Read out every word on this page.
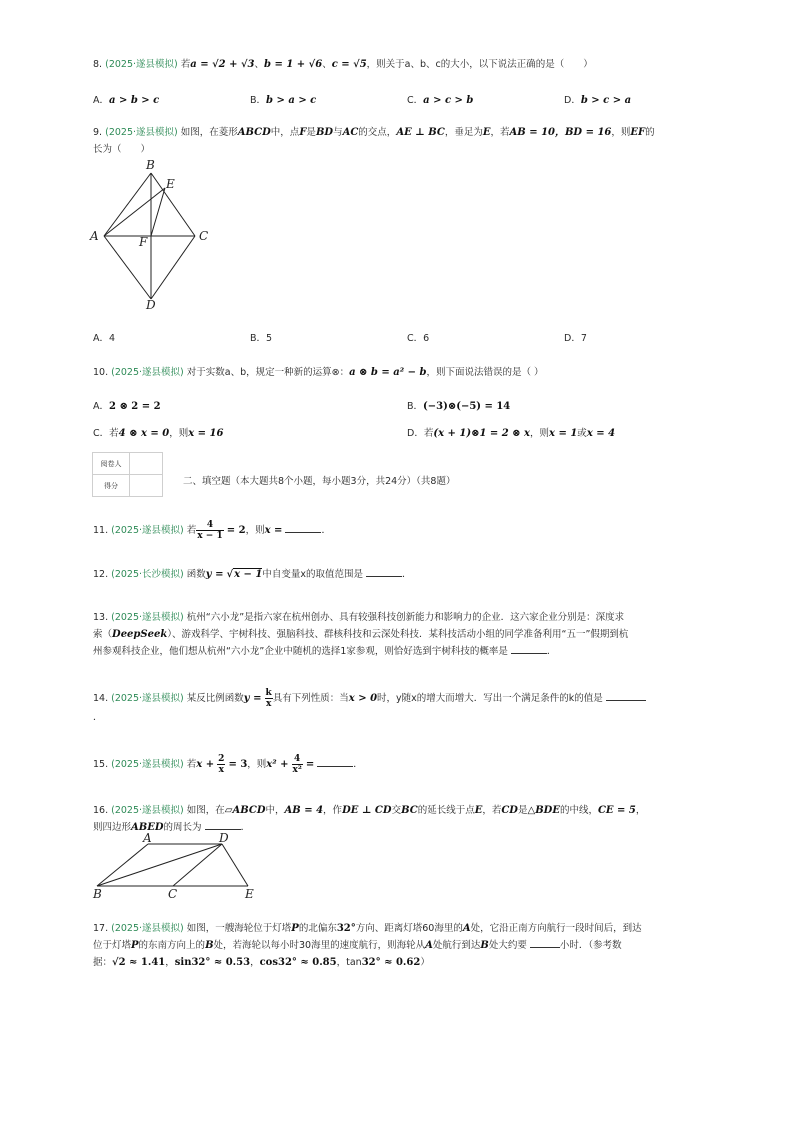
8. (2025·遂县模拟) 若a = √2 + √3、b = 1 + √6、c = √5，则关于a、b、c的大小，以下说法正确的是（　　）
A．a > b > c	B．b > a > c	C．a > c > b	D．b > c > a
9. (2025·遂县模拟) 如图，在菱形ABCD中，点F是BD与AC的交点，AE ⊥ BC，垂足为E，若AB = 10，BD = 16，则EF的
长为（　　）
A
B
C
D
E
F
A．4	B．5	C．6	D．7
10. (2025·遂县模拟) 对于实数a、b，规定一种新的运算⊗：a ⊗ b = a² − b，则下面说法错误的是（ ）
A．2 ⊗ 2 = 2	B．(−3)⊗(−5) = 14
C．若4 ⊗ x = 0，则x = 16	D．若(x + 1)⊗1 = 2 ⊗ x，则x = 1或x = 4
阅卷人	
得分		二、填空题（本大题共8个小题，每小题3分，共24分）（共8题）
11. (2025·遂县模拟) 若 $\frac{4}{x - 1} = 2$，则x =	．
12. (2025·长沙模拟) 函数y = √x − 1中自变量x的取值范围是	．
13. (2025·遂县模拟) 杭州“六小龙”是指六家在杭州创办、具有较强科技创新能力和影响力的企业．这六家企业分别是：深度求
索（DeepSeek）、游戏科学、宇树科技、强脑科技、群核科技和云深处科技．某科技活动小组的同学准备利用“五一”假期到杭
州参观科技企业，他们想从杭州“六小龙”企业中随机的选择1家参观，则恰好选到宇树科技的概率是	．
14. (2025·遂县模拟) 某反比例函数$y = \frac{k}{x}$ 具有下列性质：当x > 0时，y随x的增大而增大．写出一个满足条件的k的值是
．
15. (2025·遂县模拟) 若$x + \frac{2}{x} = 3$，则$x^2 + \frac{4}{\text{x²}}$ =	．
16. (2025·遂县模拟) 如图，在▱ABCD中，AB = 4，作DE ⊥ CD交BC的延长线于点E，若CD是△BDE的中线，CE = 5，
则四边形ABED的周长为	．
A
B	C
D
E
17. (2025·遂县模拟) 如图，一艘海轮位于灯塔P的北偏东32°方向、距离灯塔60海里的A处，它沿正南方向航行一段时间后，到达
位于灯塔P的东南方向上的B处，若海轮以每小时30海里的速度航行，则海轮从A处航行到达B处大约要	小时．（参考数
据：√2 ≈ 1.41，sin32° ≈ 0.53，cos32° ≈ 0.85，tan32° ≈ 0.62）
